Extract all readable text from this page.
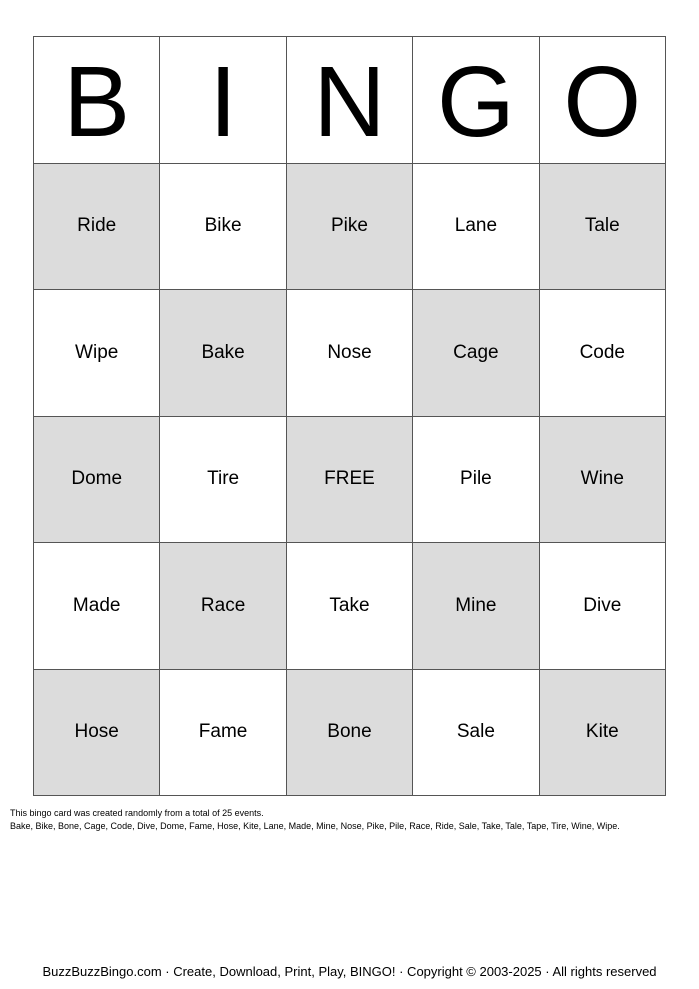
B I N G O
Ride	Bike	Pike	Lane	Tale
Wipe	Bake	Nose	Cage	Code
Dome	Tire	FREE	Pile	Wine
Made	Race	Take	Mine	Dive
Hose	Fame	Bone	Sale	Kite
This bingo card was created randomly from a total of 25 events.
Bake, Bike, Bone, Cage, Code, Dive, Dome, Fame, Hose, Kite, Lane, Made, Mine, Nose, Pike, Pile, Race, Ride, Sale, Take, Tale, Tape, Tire, Wine, Wipe.
BuzzBuzzBingo.com · Create, Download, Print, Play, BINGO! · Copyright © 2003-2025 · All rights reserved
